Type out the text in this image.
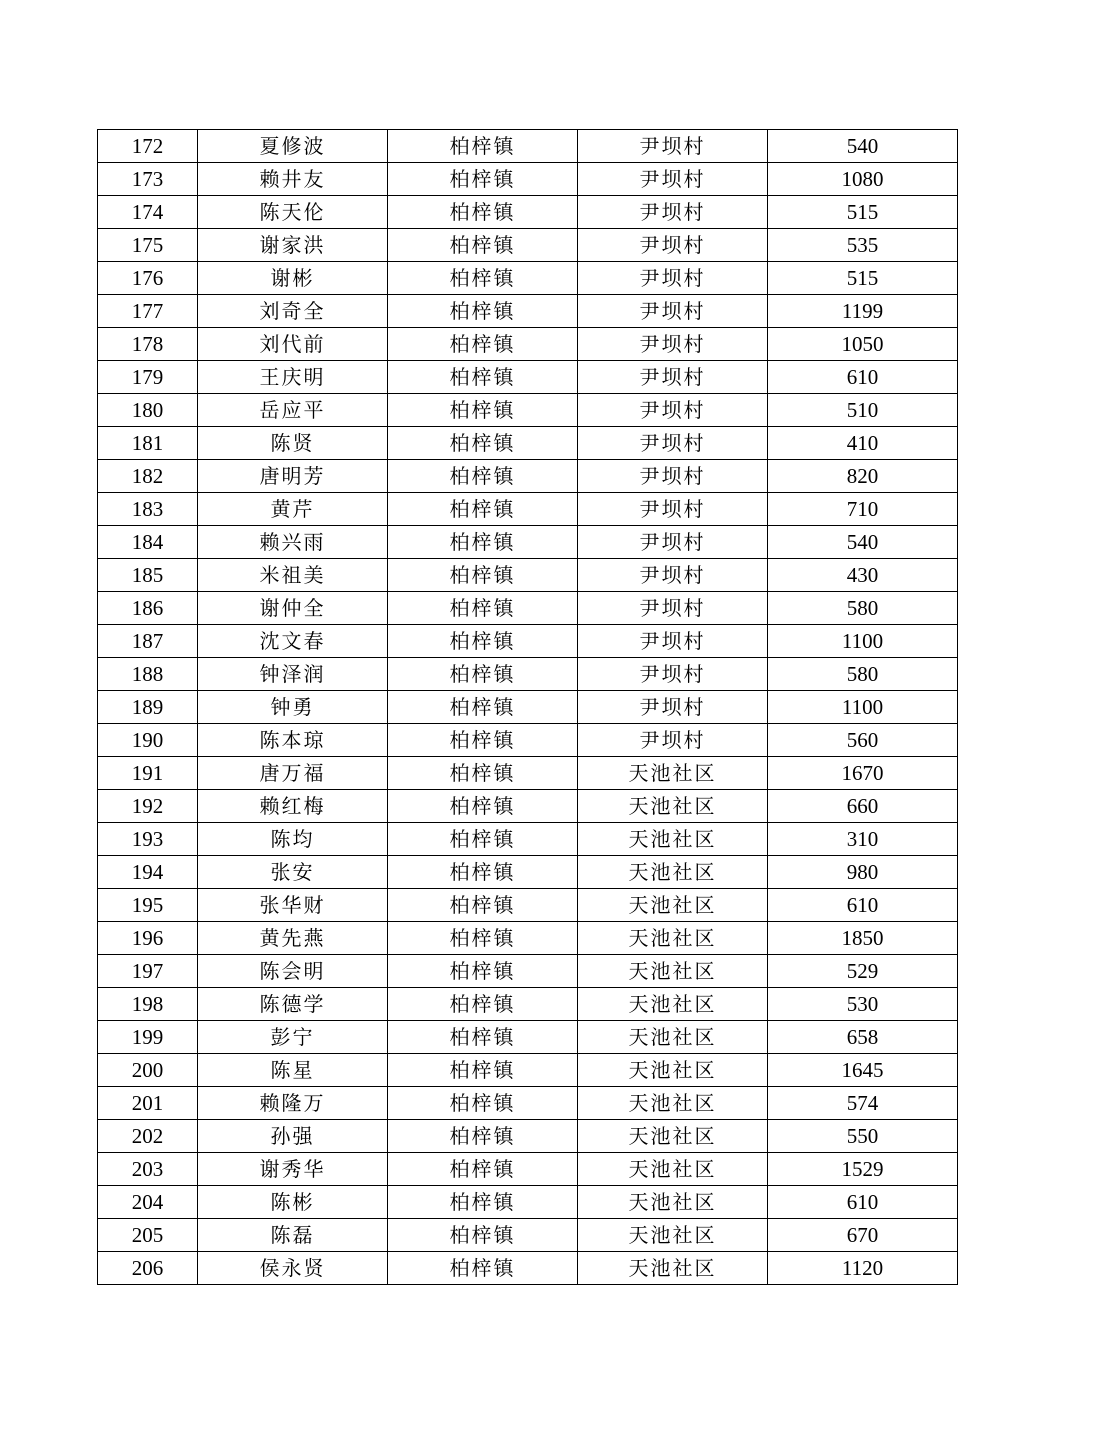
172	夏修波	柏梓镇	尹坝村	540
173	赖井友	柏梓镇	尹坝村	1080
174	陈天伦	柏梓镇	尹坝村	515
175	谢家洪	柏梓镇	尹坝村	535
176	谢彬	柏梓镇	尹坝村	515
177	刘奇全	柏梓镇	尹坝村	1199
178	刘代前	柏梓镇	尹坝村	1050
179	王庆明	柏梓镇	尹坝村	610
180	岳应平	柏梓镇	尹坝村	510
181	陈贤	柏梓镇	尹坝村	410
182	唐明芳	柏梓镇	尹坝村	820
183	黄芹	柏梓镇	尹坝村	710
184	赖兴雨	柏梓镇	尹坝村	540
185	米祖美	柏梓镇	尹坝村	430
186	谢仲全	柏梓镇	尹坝村	580
187	沈文春	柏梓镇	尹坝村	1100
188	钟泽润	柏梓镇	尹坝村	580
189	钟勇	柏梓镇	尹坝村	1100
190	陈本琼	柏梓镇	尹坝村	560
191	唐万福	柏梓镇	天池社区	1670
192	赖红梅	柏梓镇	天池社区	660
193	陈均	柏梓镇	天池社区	310
194	张安	柏梓镇	天池社区	980
195	张华财	柏梓镇	天池社区	610
196	黄先燕	柏梓镇	天池社区	1850
197	陈会明	柏梓镇	天池社区	529
198	陈德学	柏梓镇	天池社区	530
199	彭宁	柏梓镇	天池社区	658
200	陈星	柏梓镇	天池社区	1645
201	赖隆万	柏梓镇	天池社区	574
202	孙强	柏梓镇	天池社区	550
203	谢秀华	柏梓镇	天池社区	1529
204	陈彬	柏梓镇	天池社区	610
205	陈磊	柏梓镇	天池社区	670
206	侯永贤	柏梓镇	天池社区	1120
